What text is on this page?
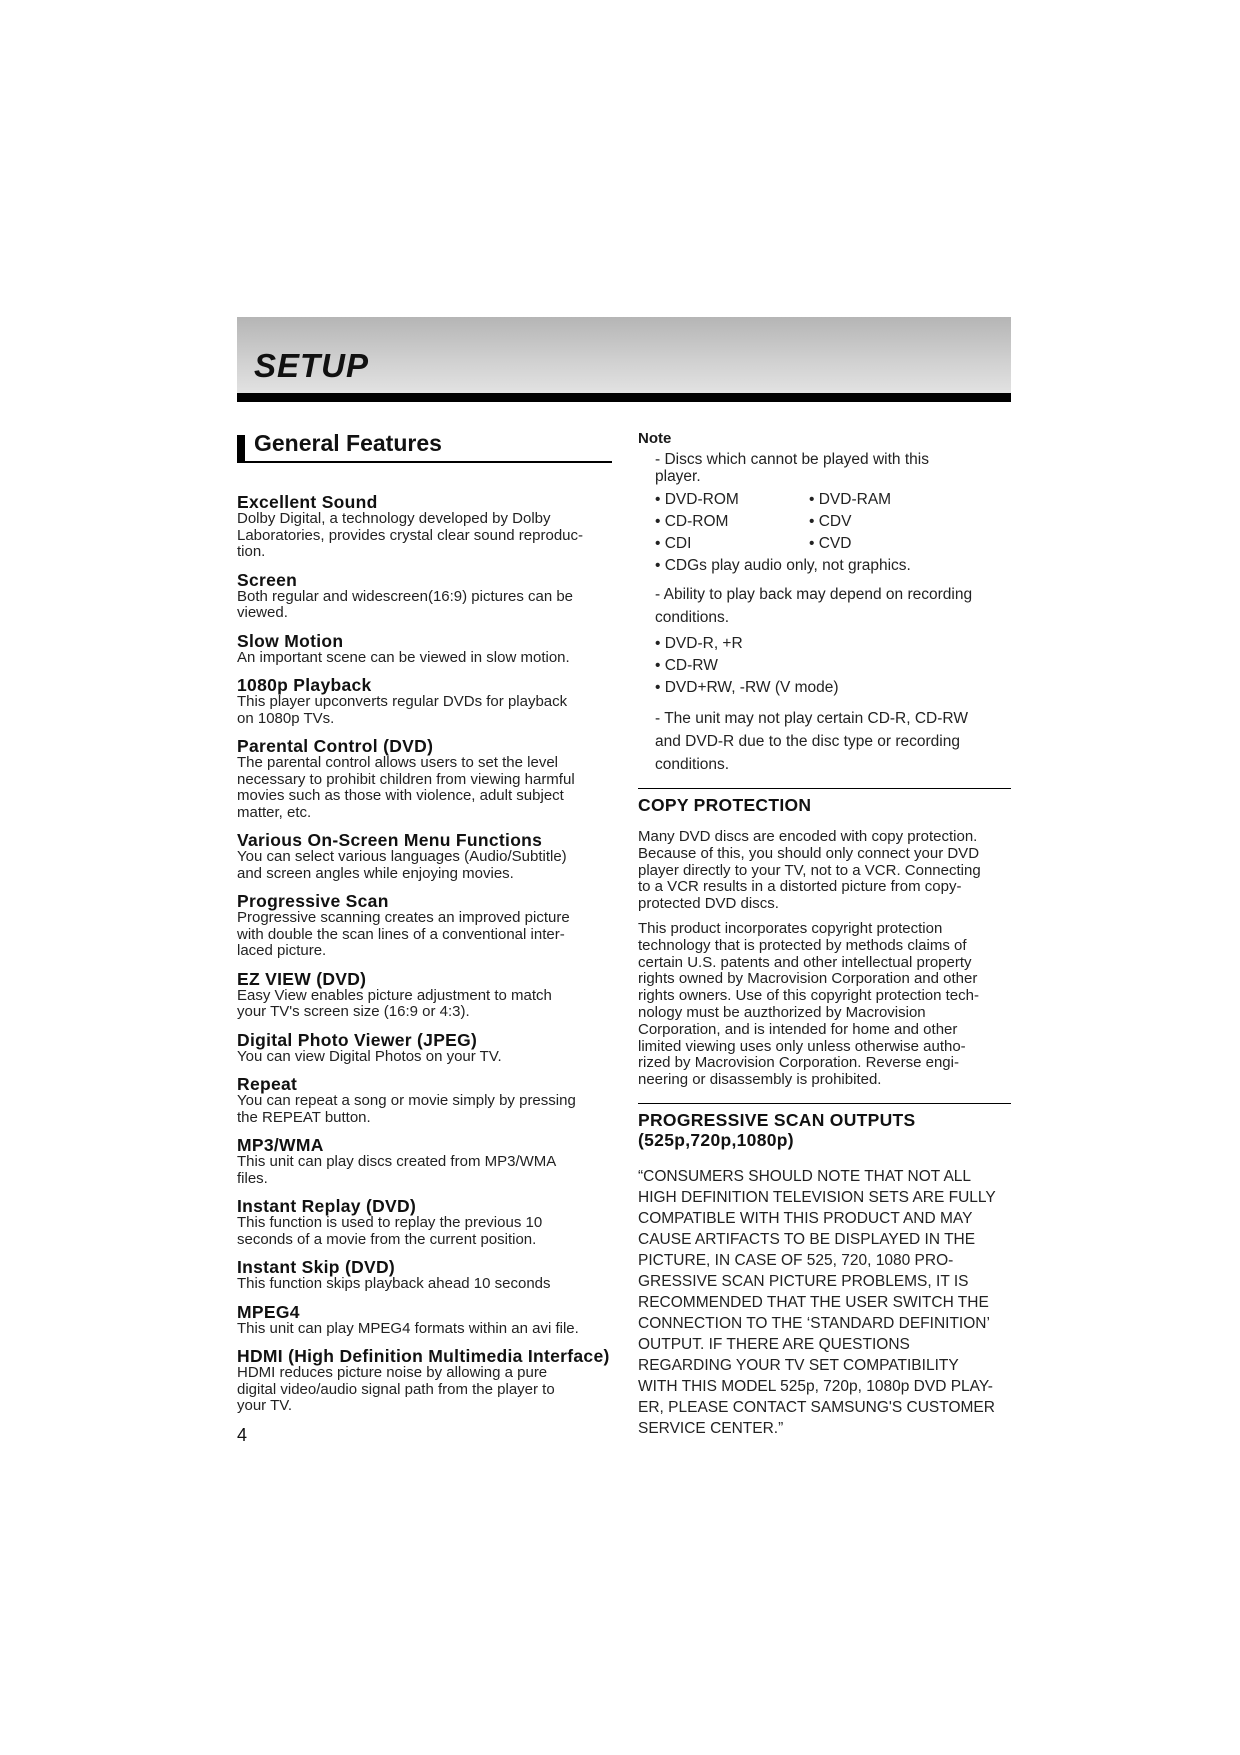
SETUP
General Features
Excellent Sound

Dolby Digital, a technology developed by Dolby
Laboratories, provides crystal clear sound reproduc-
tion.

Screen

Both regular and widescreen(16:9) pictures can be
viewed.

Slow Motion

An important scene can be viewed in slow motion.

1080p Playback

This player upconverts regular DVDs for playback
on 1080p TVs.

Parental Control (DVD)

The parental control allows users to set the level
necessary to prohibit children from viewing harmful
movies such as those with violence, adult subject
matter, etc.

Various On-Screen Menu Functions

You can select various languages (Audio/Subtitle)
and screen angles while enjoying movies.

Progressive Scan

Progressive scanning creates an improved picture
with double the scan lines of a conventional inter-
laced picture.

EZ VIEW (DVD)

Easy View enables picture adjustment to match
your TV's screen size (16:9 or 4:3).

Digital Photo Viewer (JPEG)

You can view Digital Photos on your TV.

Repeat

You can repeat a song or movie simply by pressing
the REPEAT button.

MP3/WMA

This unit can play discs created from MP3/WMA
files.

Instant Replay (DVD)

This function is used to replay the previous 10
seconds of a movie from the current position.

Instant Skip (DVD)

This function skips playback ahead 10 seconds

MPEG4

This unit can play MPEG4 formats within an avi file.

HDMI (High Definition Multimedia Interface)

HDMI reduces picture noise by allowing a pure
digital video/audio signal path from the player to
your TV.

4
Note
- Discs which cannot be played with this
player.
• DVD-ROM	• DVD-RAM
• CD-ROM	• CDV
• CDI	• CVD
• CDGs play audio only, not graphics.
- Ability to play back may depend on recording
conditions.
• DVD-R, +R
• CD-RW
• DVD+RW, -RW (V mode)
- The unit may not play certain CD-R, CD-RW
and DVD-R due to the disc type or recording
conditions.
COPY PROTECTION

Many DVD discs are encoded with copy protection.
Because of this, you should only connect your DVD
player directly to your TV, not to a VCR. Connecting
to a VCR results in a distorted picture from copy-
protected DVD discs.

This product incorporates copyright protection
technology that is protected by methods claims of
certain U.S. patents and other intellectual property
rights owned by Macrovision Corporation and other
rights owners. Use of this copyright protection tech-
nology must be auzthorized by Macrovision
Corporation, and is intended for home and other
limited viewing uses only unless otherwise autho-
rized by Macrovision Corporation. Reverse engi-
neering or disassembly is prohibited.

PROGRESSIVE SCAN OUTPUTS
(525p,720p,1080p)

“CONSUMERS SHOULD NOTE THAT NOT ALL
HIGH DEFINITION TELEVISION SETS ARE FULLY
COMPATIBLE WITH THIS PRODUCT AND MAY
CAUSE ARTIFACTS TO BE DISPLAYED IN THE
PICTURE, IN CASE OF 525, 720, 1080 PRO-
GRESSIVE SCAN PICTURE PROBLEMS, IT IS
RECOMMENDED THAT THE USER SWITCH THE
CONNECTION TO THE ‘STANDARD DEFINITION’
OUTPUT. IF THERE ARE QUESTIONS
REGARDING YOUR TV SET COMPATIBILITY
WITH THIS MODEL 525p, 720p, 1080p DVD PLAY-
ER, PLEASE CONTACT SAMSUNG'S CUSTOMER
SERVICE CENTER.”
